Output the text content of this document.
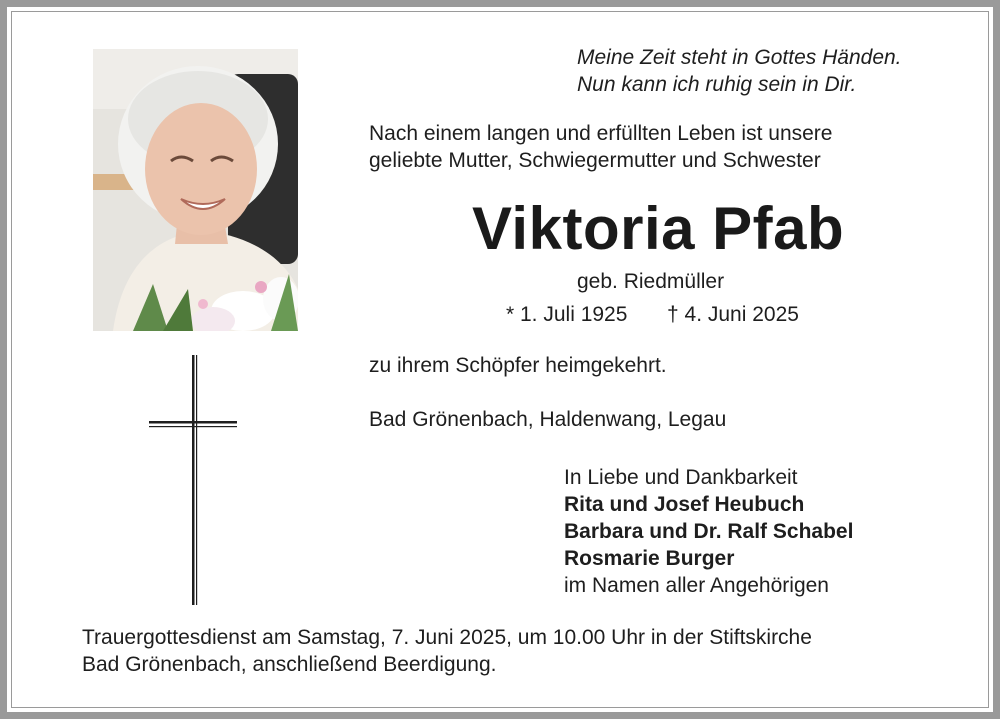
Meine Zeit steht in Gottes Händen.
Nun kann ich ruhig sein in Dir.
Nach einem langen und erfüllten Leben ist unsere
geliebte Mutter, Schwiegermutter und Schwester
Viktoria Pfab
geb. Riedmüller
* 1. Juli 1925 † 4. Juni 2025
zu ihrem Schöpfer heimgekehrt.
Bad Grönenbach, Haldenwang, Legau
In Liebe und Dankbarkeit
Rita und Josef Heubuch
Barbara und Dr. Ralf Schabel
Rosmarie Burger
im Namen aller Angehörigen
Trauergottesdienst am Samstag, 7. Juni 2025, um 10.00 Uhr in der Stiftskirche
Bad Grönenbach, anschließend Beerdigung.
